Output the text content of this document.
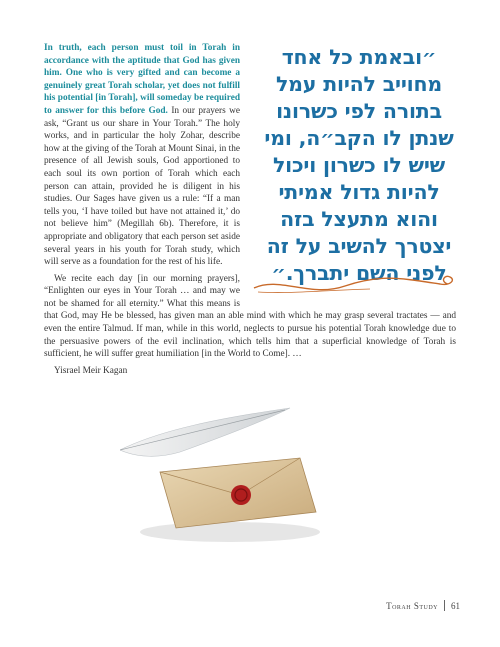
״ובאמת כל אחד
מחוייב להיות עמל
בתורה לפי כשרונו
שנתן לו הקב״ה, ומי
שיש לו כשרון ויכול
להיות גדול אמיתי
והוא מתעצל בזה
יצטרך להשיב על זה
לפני השם יתברך.״

In truth, each person must toil in Torah in accordance with the aptitude that God has given him. One who is very gifted and can become a genuinely great Torah scholar, yet does not fulfill his potential [in Torah], will someday be required to answer for this before God. In our prayers we ask, “Grant us our share in Your Torah.” The holy works, and in particular the holy Zohar, describe how at the giving of the Torah at Mount Sinai, in the presence of all Jewish souls, God apportioned to each soul its own portion of Torah which each person can attain, provided he is diligent in his studies. Our Sages have given us a rule: “If a man tells you, ‘I have toiled but have not attained it,’ do not believe him” (Megillah 6b). Therefore, it is appropriate and obligatory that each person set aside several years in his youth for Torah study, which will serve as a foundation for the rest of his life.

We recite each day [in our morning prayers], “Enlighten our eyes in Your Torah … and may we not be shamed for all eternity.” What this means is that God, may He be blessed, has given man an able mind with which he may grasp several tractates — and even the entire Talmud. If man, while in this world, neglects to pursue his potential Torah knowledge due to the persuasive powers of the evil inclination, which tells him that a superficial knowledge of Torah is sufficient, he will suffer great humiliation [in the World to Come]. …

Yisrael Meir Kagan

Torah Study 61
